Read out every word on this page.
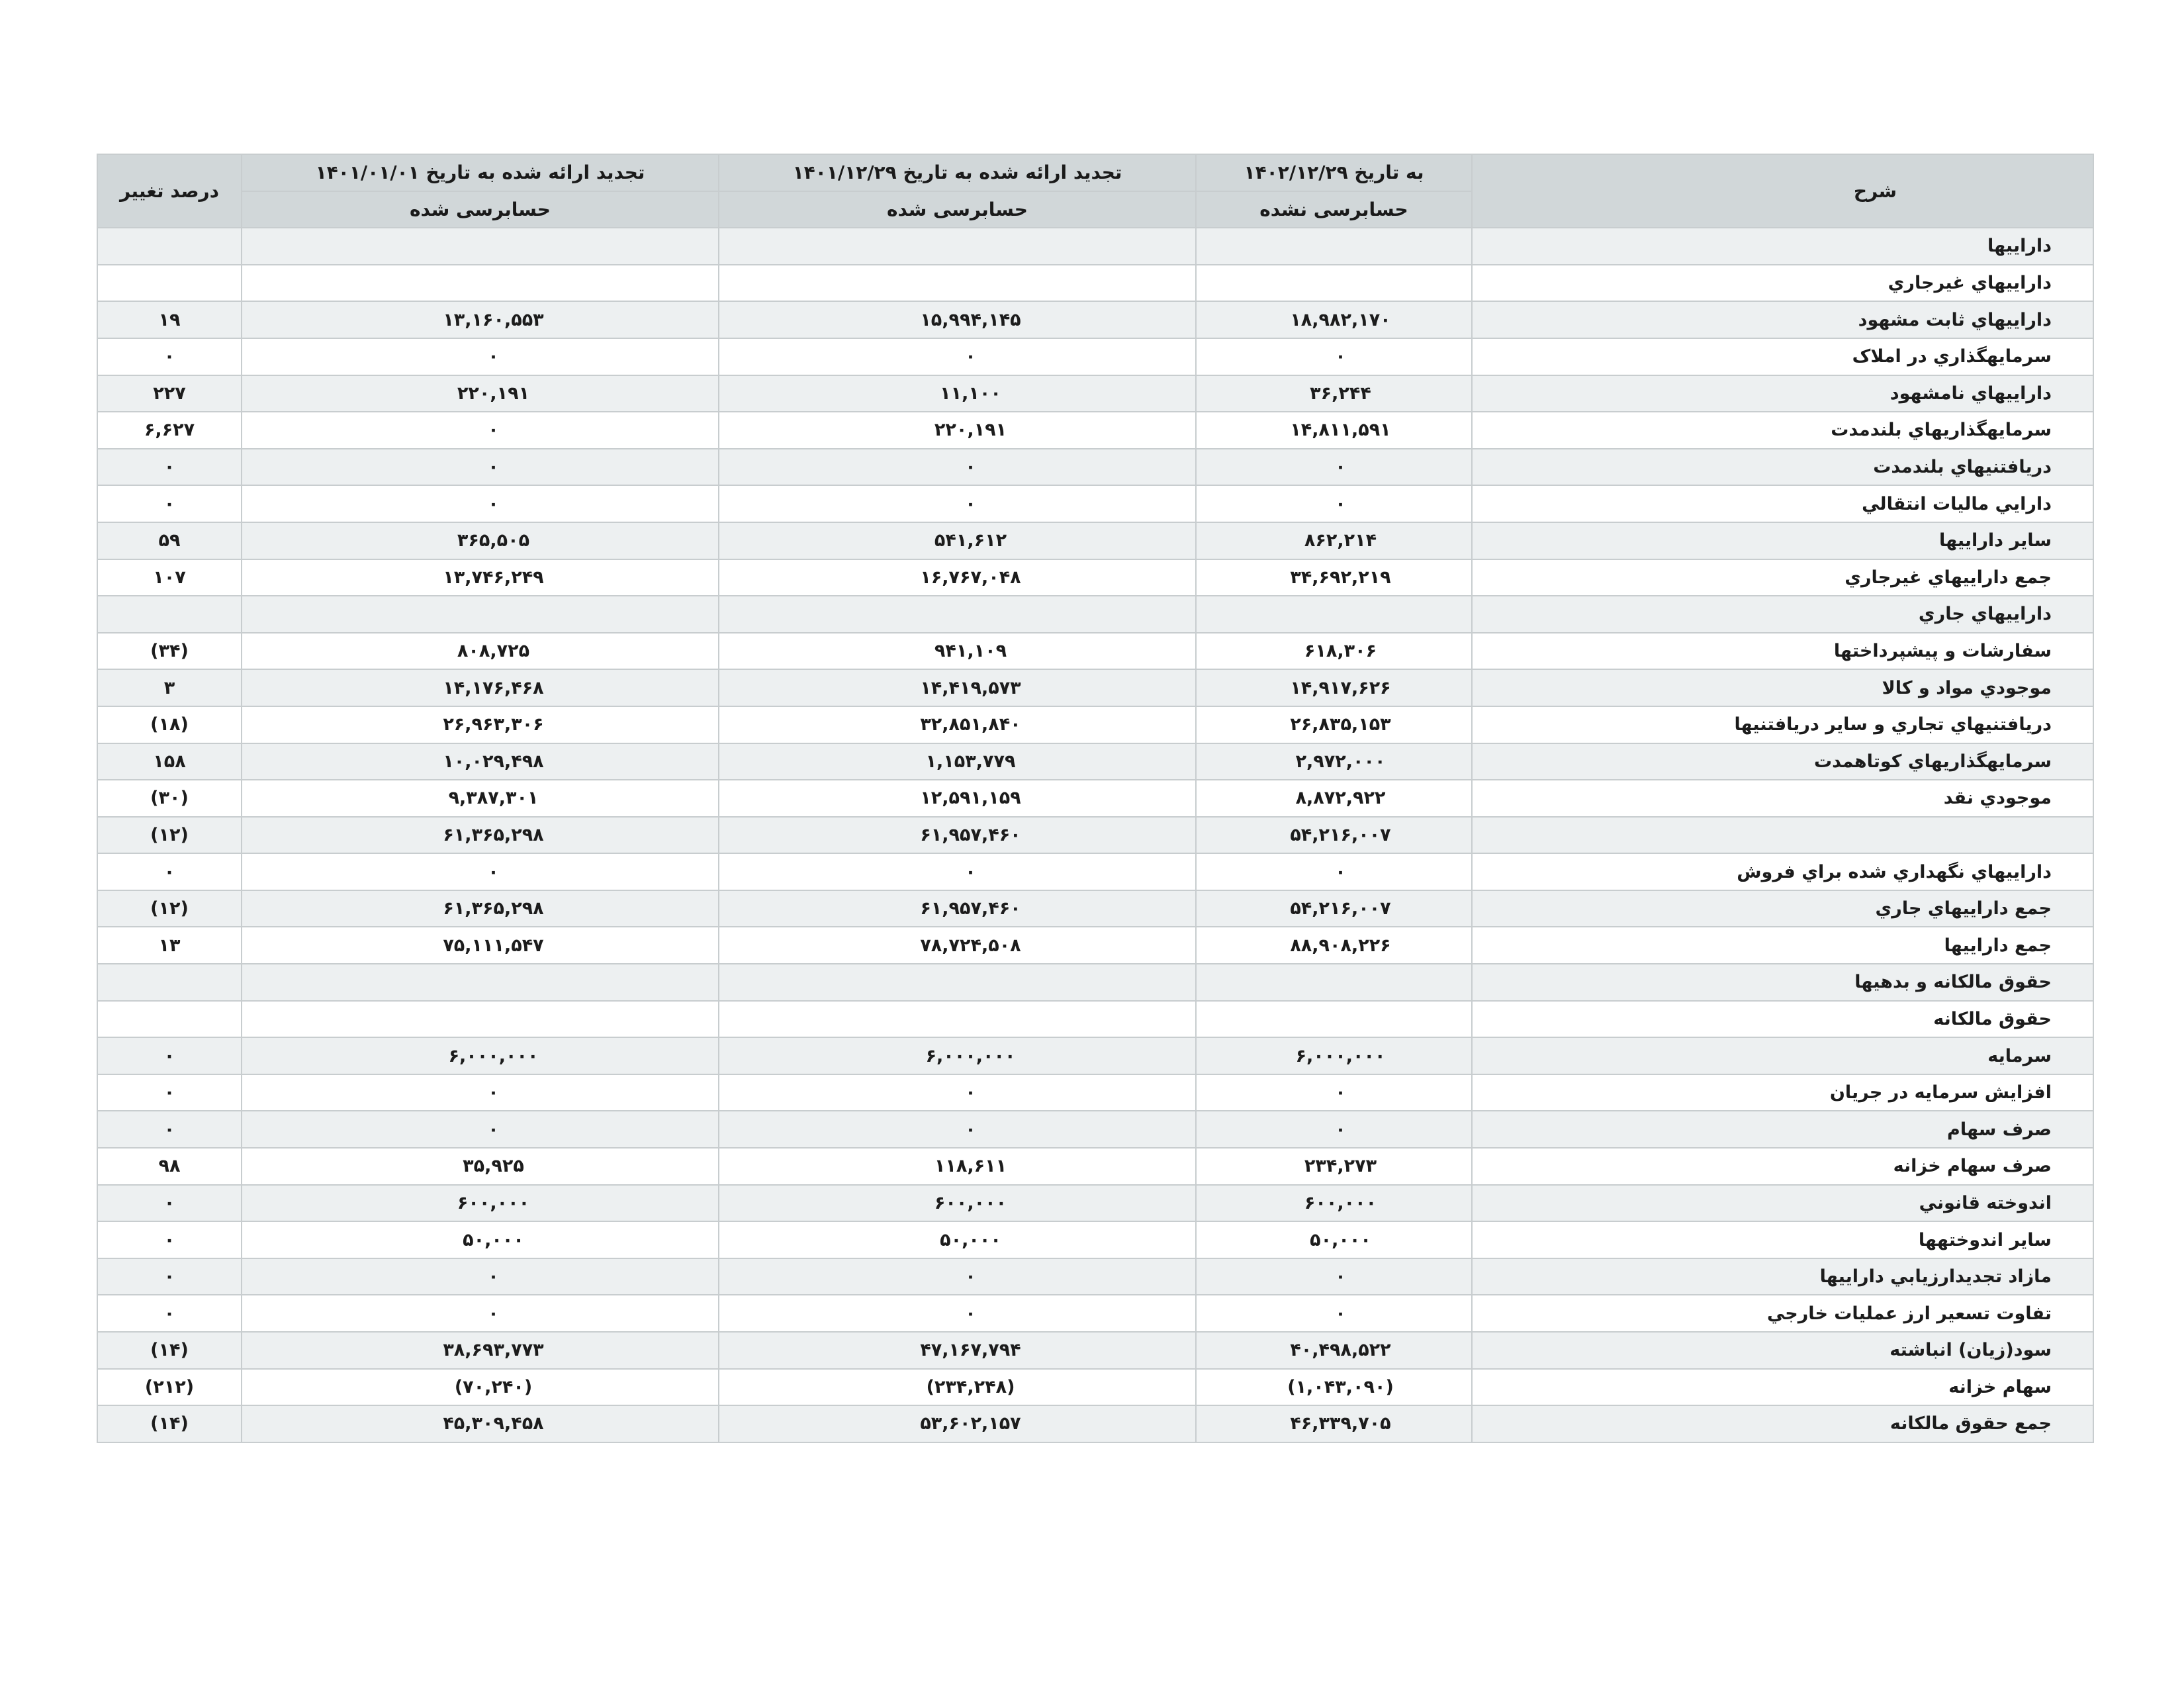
شرح	به تاريخ ۱۴۰۲/۱۲/۲۹	تجديد ارائه شده به تاريخ ۱۴۰۱/۱۲/۲۹	تجديد ارائه شده به تاريخ ۱۴۰۱/۰۱/۰۱	درصد تغيير
	حسابرسی نشده	حسابرسی شده	حسابرسی شده	
داراييها				
داراييهاي غيرجاري				
داراييهاي ثابت مشهود	۱۸,۹۸۲,۱۷۰	۱۵,۹۹۴,۱۴۵	۱۳,۱۶۰,۵۵۳	۱۹
سرمايهگذاري در املاک	۰	۰	۰	۰
داراييهاي نامشهود	۳۶,۲۴۴	۱۱,۱۰۰	۲۲۰,۱۹۱	۲۲۷
سرمايهگذاريهاي بلندمدت	۱۴,۸۱۱,۵۹۱	۲۲۰,۱۹۱	۰	۶,۶۲۷
دريافتنيهاي بلندمدت	۰	۰	۰	۰
دارايي ماليات انتقالي	۰	۰	۰	۰
ساير داراييها	۸۶۲,۲۱۴	۵۴۱,۶۱۲	۳۶۵,۵۰۵	۵۹
جمع داراييهاي غيرجاري	۳۴,۶۹۲,۲۱۹	۱۶,۷۶۷,۰۴۸	۱۳,۷۴۶,۲۴۹	۱۰۷
داراييهاي جاري				
سفارشات و پيشپرداختها	۶۱۸,۳۰۶	۹۴۱,۱۰۹	۸۰۸,۷۲۵	(۳۴)
موجودي مواد و كالا	۱۴,۹۱۷,۶۲۶	۱۴,۴۱۹,۵۷۳	۱۴,۱۷۶,۴۶۸	۳
دريافتنيهاي تجاري و ساير دريافتنيها	۲۶,۸۳۵,۱۵۳	۳۲,۸۵۱,۸۴۰	۲۶,۹۶۳,۳۰۶	(۱۸)
سرمايهگذاريهاي كوتاهمدت	۲,۹۷۲,۰۰۰	۱,۱۵۳,۷۷۹	۱۰,۰۲۹,۴۹۸	۱۵۸
موجودي نقد	۸,۸۷۲,۹۲۲	۱۲,۵۹۱,۱۵۹	۹,۳۸۷,۳۰۱	(۳۰)
	۵۴,۲۱۶,۰۰۷	۶۱,۹۵۷,۴۶۰	۶۱,۳۶۵,۲۹۸	(۱۲)
داراييهاي نگهداري شده براي فروش	۰	۰	۰	۰
جمع داراييهاي جاري	۵۴,۲۱۶,۰۰۷	۶۱,۹۵۷,۴۶۰	۶۱,۳۶۵,۲۹۸	(۱۲)
جمع داراييها	۸۸,۹۰۸,۲۲۶	۷۸,۷۲۴,۵۰۸	۷۵,۱۱۱,۵۴۷	۱۳
حقوق مالكانه و بدهيها				
حقوق مالكانه				
سرمايه	۶,۰۰۰,۰۰۰	۶,۰۰۰,۰۰۰	۶,۰۰۰,۰۰۰	۰
افزايش سرمايه در جريان	۰	۰	۰	۰
صرف سهام	۰	۰	۰	۰
صرف سهام خزانه	۲۳۴,۲۷۳	۱۱۸,۶۱۱	۳۵,۹۲۵	۹۸
اندوخته قانوني	۶۰۰,۰۰۰	۶۰۰,۰۰۰	۶۰۰,۰۰۰	۰
ساير اندوختهها	۵۰,۰۰۰	۵۰,۰۰۰	۵۰,۰۰۰	۰
مازاد تجديدارزيابي داراييها	۰	۰	۰	۰
تفاوت تسعير ارز عمليات خارجي	۰	۰	۰	۰
سود(زيان) انباشته	۴۰,۴۹۸,۵۲۲	۴۷,۱۶۷,۷۹۴	۳۸,۶۹۳,۷۷۳	(۱۴)
سهام خزانه	(۱,۰۴۳,۰۹۰)	(۲۳۴,۲۴۸)	(۷۰,۲۴۰)	(۲۱۲)
جمع حقوق مالكانه	۴۶,۳۳۹,۷۰۵	۵۳,۶۰۲,۱۵۷	۴۵,۳۰۹,۴۵۸	(۱۴)
